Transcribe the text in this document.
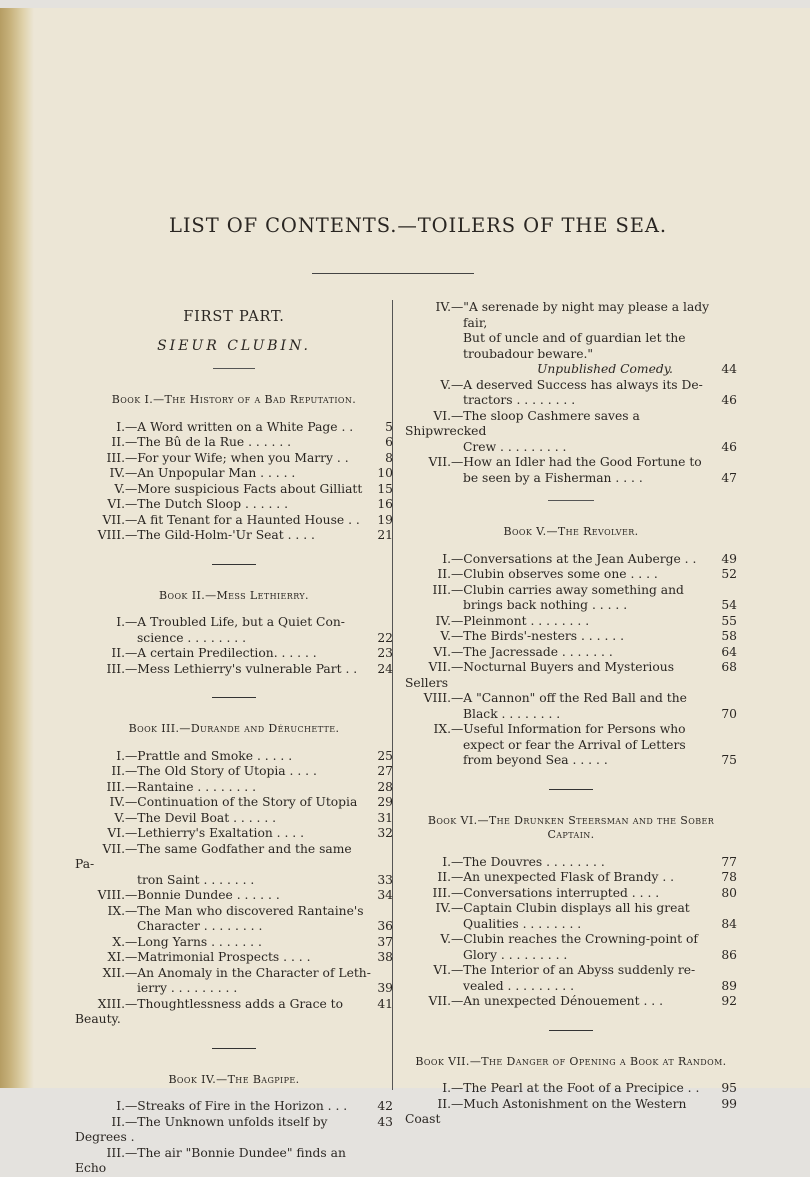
LIST OF CONTENTS.—TOILERS OF THE SEA.
FIRST PART.
SIEUR CLUBIN.
Book I.—The History of a Bad Reputation.
I.—A Word written on a White Page . .	5
II.—The Bû de la Rue . . . . . .	6
III.—For your Wife; when you Marry . .	8
IV.—An Unpopular Man . . . . .	10
V.—More suspicious Facts about Gilliatt	15
VI.—The Dutch Sloop . . . . . .	16
VII.—A fit Tenant for a Haunted House . .	19
VIII.—The Gild-Holm-'Ur Seat . . . .	21
Book II.—Mess Lethierry.
I.—A Troubled Life, but a Quiet Con-
science . . . . . . . .	22
II.—A certain Predilection. . . . . .	23
III.—Mess Lethierry's vulnerable Part . .	24
Book III.—Durande and Déruchette.
I.—Prattle and Smoke . . . . .	25
II.—The Old Story of Utopia . . . .	27
III.—Rantaine . . . . . . . .	28
IV.—Continuation of the Story of Utopia	29
V.—The Devil Boat . . . . . .	31
VI.—Lethierry's Exaltation . . . .	32
VII.—The same Godfather and the same Pa-
tron Saint . . . . . . .	33
VIII.—Bonnie Dundee . . . . . .	34
IX.—The Man who discovered Rantaine's
Character . . . . . . . .	36
X.—Long Yarns . . . . . . .	37
XI.—Matrimonial Prospects . . . .	38
XII.—An Anomaly in the Character of Leth-
ierry . . . . . . . . .	39
XIII.—Thoughtlessness adds a Grace to Beauty.
41
Book IV.—The Bagpipe.
I.—Streaks of Fire in the Horizon . . .	42
II.—The Unknown unfolds itself by Degrees .
43
III.—The air "Bonnie Dundee" finds an Echo
IV.—"A serenade by night may please a lady
fair,
But of uncle and of guardian let the
troubadour beware."
Unpublished Comedy.	44
V.—A deserved Success has always its De-
tractors . . . . . . . .	46
VI.—The sloop Cashmere saves a Shipwrecked
Crew . . . . . . . . .	46
VII.—How an Idler had the Good Fortune to
be seen by a Fisherman . . . .	47
Book V.—The Revolver.
I.—Conversations at the Jean Auberge . .	49
II.—Clubin observes some one . . . .	52
III.—Clubin carries away something and
brings back nothing . . . . .	54
IV.—Pleinmont . . . . . . . .	55
V.—The Birds'-nesters . . . . . .	58
VI.—The Jacressade . . . . . . .	64
VII.—Nocturnal Buyers and Mysterious Sellers
68
VIII.—A "Cannon" off the Red Ball and the
Black . . . . . . . .	70
IX.—Useful Information for Persons who
expect or fear the Arrival of Letters
from beyond Sea . . . . .	75
Book VI.—The Drunken Steersman and the Sober Captain.
I.—The Douvres . . . . . . . .	77
II.—An unexpected Flask of Brandy . .	78
III.—Conversations interrupted . . . .	80
IV.—Captain Clubin displays all his great
Qualities . . . . . . . .	84
V.—Clubin reaches the Crowning-point of
Glory . . . . . . . . .	86
VI.—The Interior of an Abyss suddenly re-
vealed . . . . . . . . .	89
VII.—An unexpected Dénouement . . .	92
Book VII.—The Danger of Opening a Book at Random.
I.—The Pearl at the Foot of a Precipice . .	95
II.—Much Astonishment on the Western Coast
99
